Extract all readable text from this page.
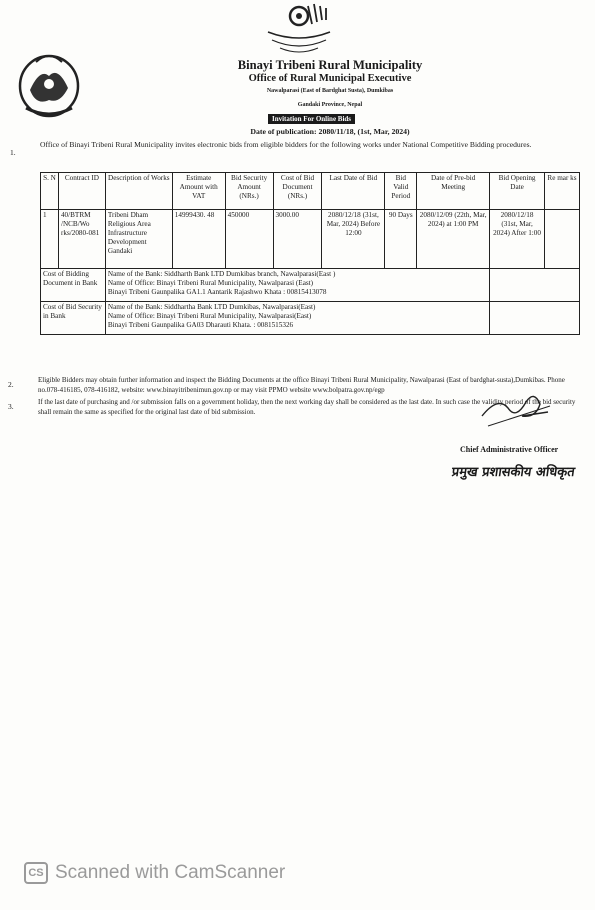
Binayi Tribeni Rural Municipality
Office of Rural Municipal Executive
Nawalparasi (East of Bardghat Susta), Dumkibas
Gandaki Province, Nepal
Invitation For Online Bids
Date of publication: 2080/11/18, (1st, Mar, 2024)
1.
Office of Binayi Tribeni Rural Municipality invites electronic bids from eligible bidders for the following works under National Competitive Bidding procedures.
S. N	Contract ID	Description of Works	Estimate Amount with VAT	Bid Security Amount (NRs.)	Cost of Bid Document (NRs.)	Last Date of Bid	Bid Valid Period	Date of Pre-bid Meeting	Bid Opening Date	Re mar ks
1	40/BTRM /NCB/Wo rks/2080-081	Tribeni Dham Religious Area Infrastructure Development Gandaki	14999430. 48	450000	3000.00	2080/12/18 (31st, Mar, 2024) Before 12:00	90 Days	2080/12/09 (22th, Mar, 2024) at 1:00 PM	2080/12/18 (31st, Mar, 2024) After 1:00	
Cost of Bidding Document in Bank		Name of the Bank: Siddharth Bank LTD Dumkibas branch, Nawalparasi(East )
Name of Office: Binayi Tribeni Rural Municipality, Nawalparasi (East)
Binayi Tribeni Gaunpalika GA1.1 Aantarik Rajashwo Khata : 00815413078								

Cost of Bid Security in Bank		Name of the Bank: Siddhartha Bank LTD Dumkibas, Nawalparasi(East)
Name of Office: Binayi Tribeni Rural Municipality, Nawalparasi(East)
Binayi Tribeni Gaunpalika GA03 Dharauti Khata. : 0081515326								

2.	Eligible Bidders may obtain further information and inspect the Bidding Documents at the office Binayi Tribeni Rural Municipality, Nawalparasi (East of bardghat-susta),Dumkibas. Phone no.078-416185, 078-416182, website: www.binayitribenimun.gov.np or may visit PPMO website www.bolpatra.gov.np/egp
3.	If the last date of purchasing and /or submission falls on a government holiday, then the next working day shall be considered as the last date. In such case the validity period of the bid security shall remain the same as specified for the original last date of bid submission.
Chief Administrative Officer
प्रमुख प्रशासकीय अधिकृत
CS Scanned with CamScanner
